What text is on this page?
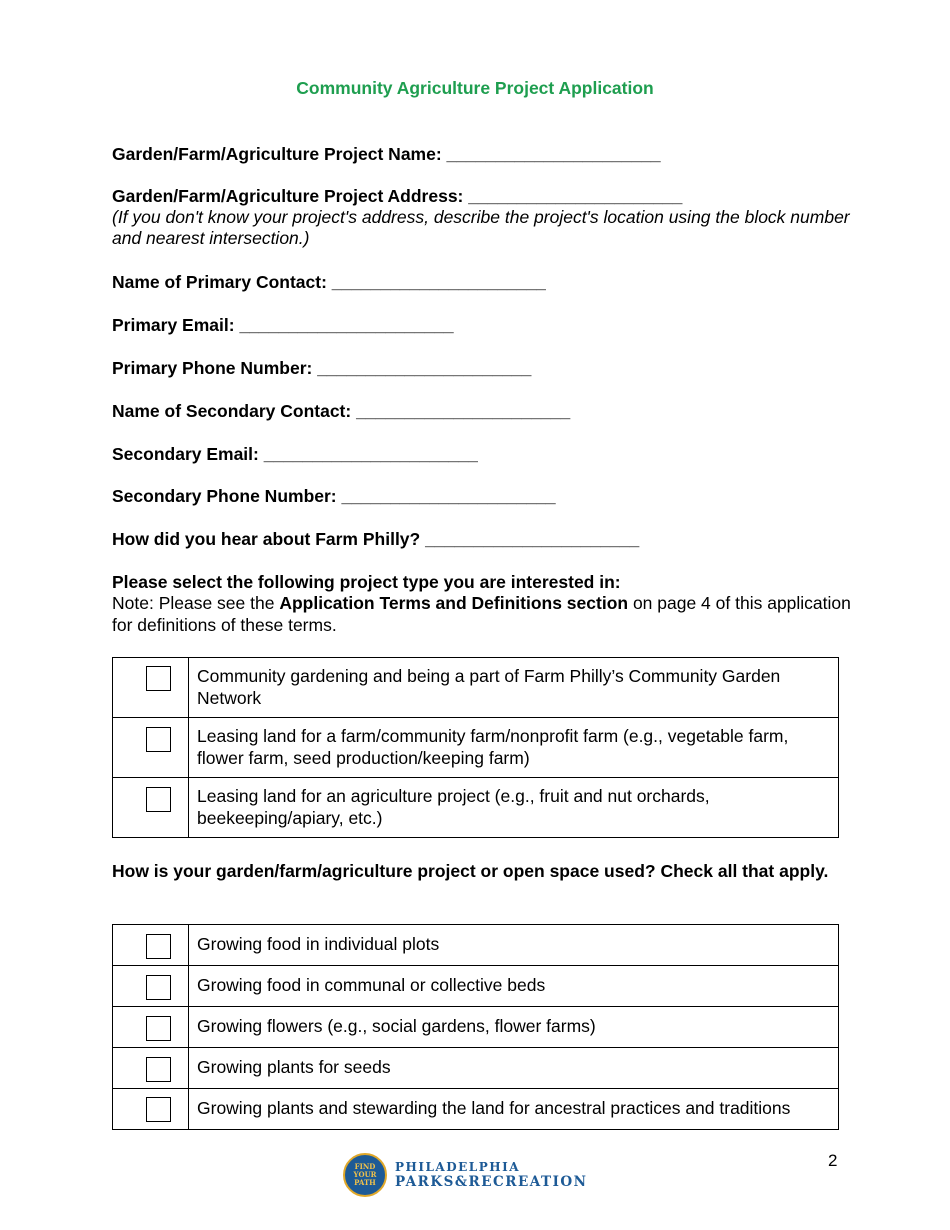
Community Agriculture Project Application
Garden/Farm/Agriculture Project Name: ______________________
Garden/Farm/Agriculture Project Address: ______________________
(If you don't know your project's address, describe the project's location using the block number and nearest intersection.)
Name of Primary Contact: ______________________
Primary Email: ______________________
Primary Phone Number: ______________________
Name of Secondary Contact: ______________________
Secondary Email: ______________________
Secondary Phone Number: ______________________
How did you hear about Farm Philly? ______________________
Please select the following project type you are interested in:
Note: Please see the Application Terms and Definitions section on page 4 of this application for definitions of these terms.
	Community gardening and being a part of Farm Philly’s Community Garden Network

	Leasing land for a farm/community farm/nonprofit farm (e.g., vegetable farm, flower farm, seed production/keeping farm)

	Leasing land for an agriculture project (e.g., fruit and nut orchards, beekeeping/apiary, etc.)
How is your garden/farm/agriculture project or open space used? Check all that apply.
	Growing food in individual plots

	Growing food in communal or collective beds

	Growing flowers (e.g., social gardens, flower farms)

	Growing plants for seeds

	Growing plants and stewarding the land for ancestral practices and traditions
2
FIND
YOUR
PATH
PHILADELPHIA
PARKS&RECREATION
